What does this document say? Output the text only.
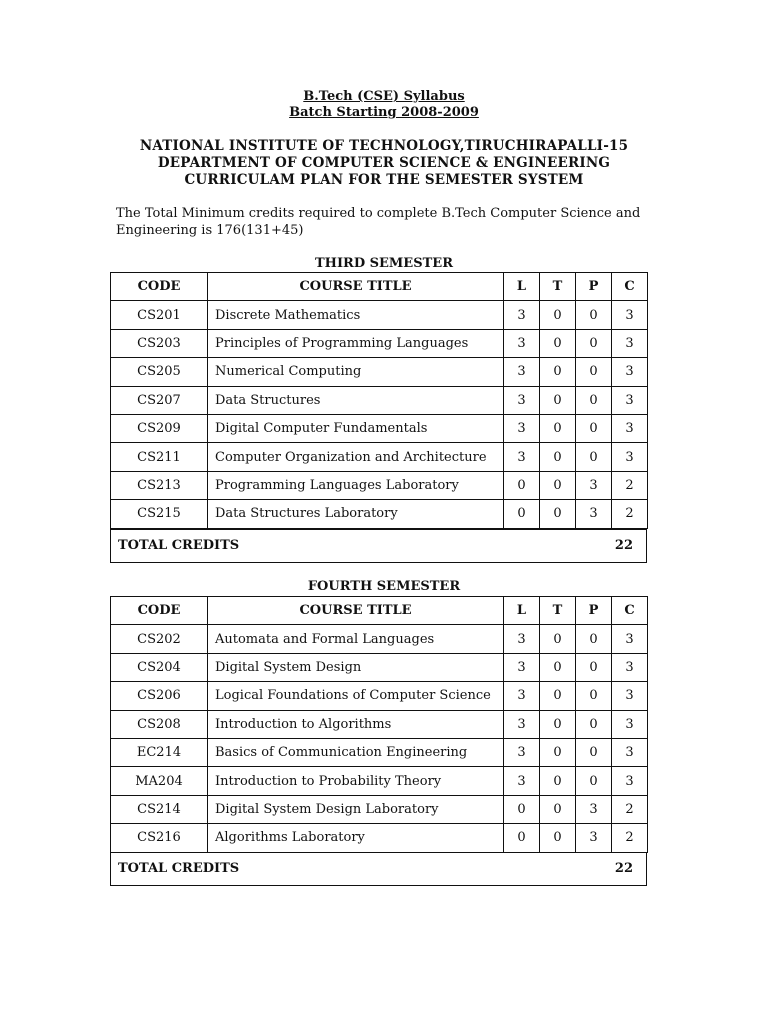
B.Tech (CSE) Syllabus

Batch Starting 2008-2009

NATIONAL INSTITUTE OF TECHNOLOGY,TIRUCHIRAPALLI-15

DEPARTMENT OF COMPUTER SCIENCE & ENGINEERING

CURRICULAM PLAN FOR THE SEMESTER SYSTEM

The Total Minimum credits required to complete B.Tech Computer Science and
Engineering is 176(131+45)

THIRD SEMESTER

CODE	COURSE TITLE	L	T	P	C
CS201	Discrete Mathematics	3	0	0	3
CS203	Principles of Programming Languages	3	0	0	3
CS205	Numerical Computing	3	0	0	3
CS207	Data Structures	3	0	0	3
CS209	Digital Computer Fundamentals	3	0	0	3
CS211	Computer Organization and Architecture	3	0	0	3
CS213	Programming Languages Laboratory	0	0	3	2
CS215	Data Structures Laboratory	0	0	3	2
TOTAL CREDITS	22

FOURTH SEMESTER

CODE	COURSE TITLE	L	T	P	C
CS202	Automata and Formal Languages	3	0	0	3
CS204	Digital System Design	3	0	0	3
CS206	Logical Foundations of Computer Science	3	0	0	3
CS208	Introduction to Algorithms	3	0	0	3
EC214	Basics of Communication Engineering	3	0	0	3
MA204	Introduction to Probability Theory	3	0	0	3
CS214	Digital System Design Laboratory	0	0	3	2
CS216	Algorithms Laboratory	0	0	3	2
TOTAL CREDITS	22
